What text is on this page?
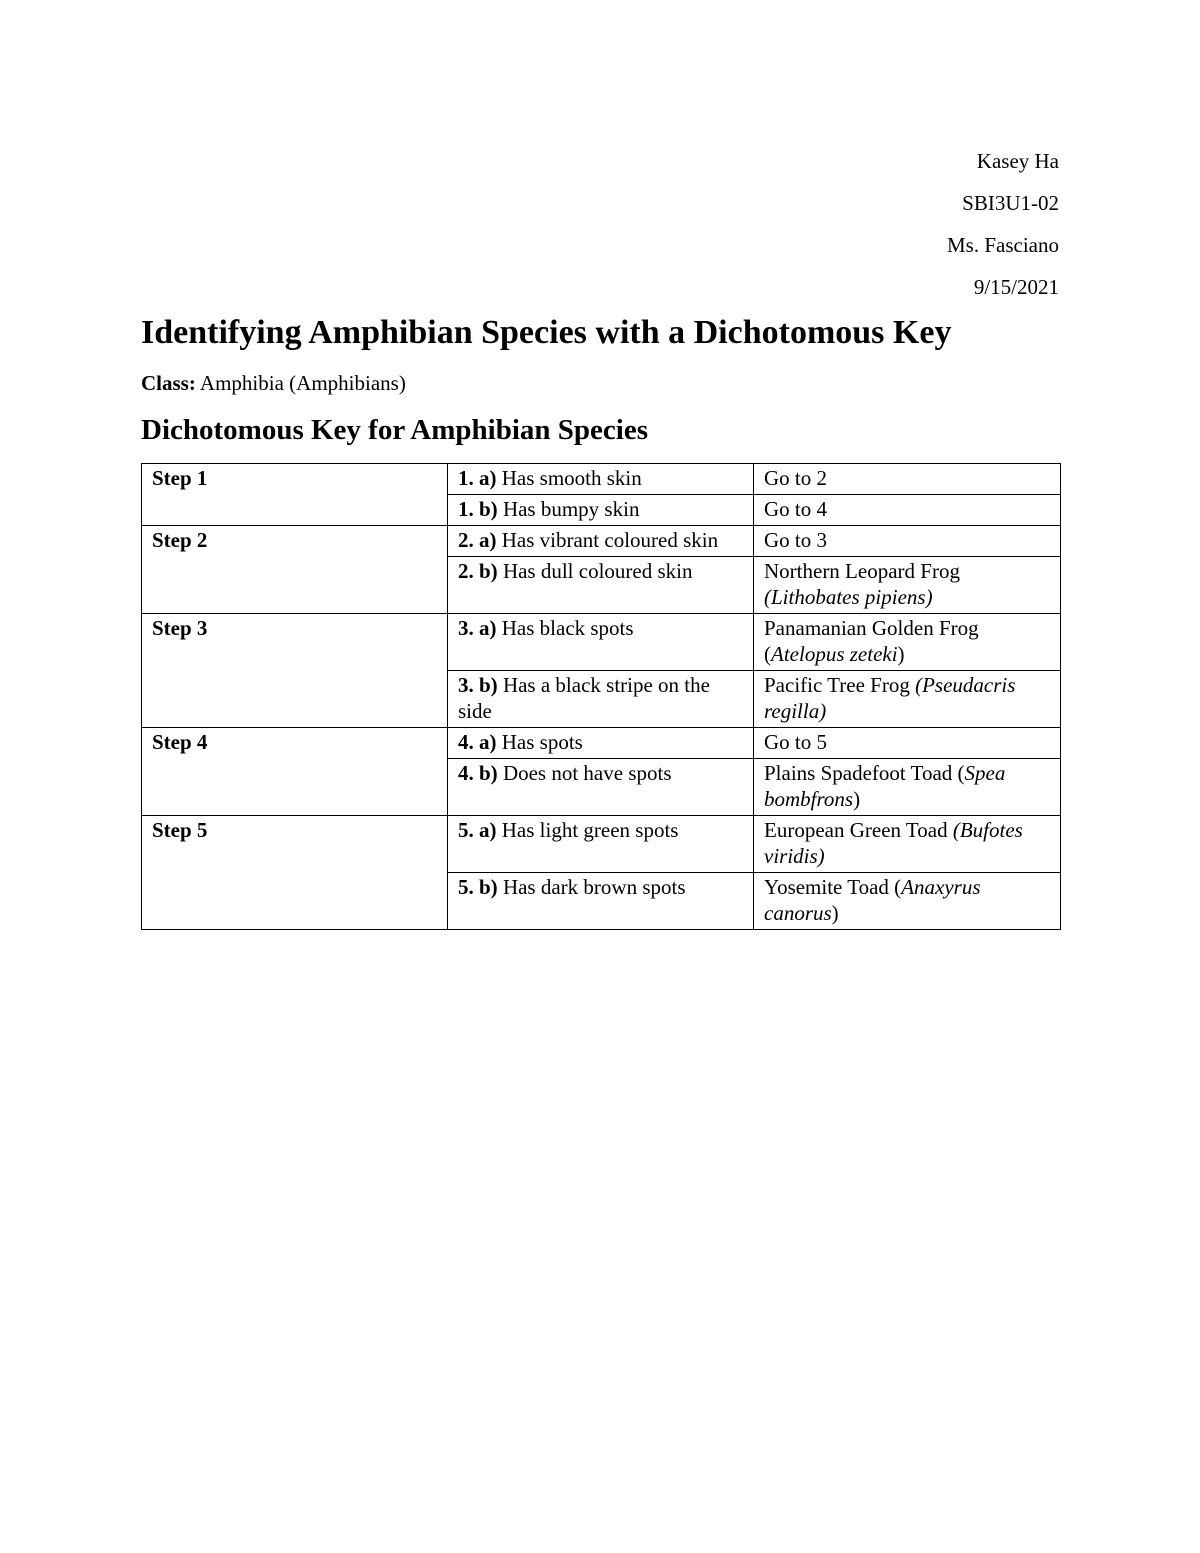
Kasey Ha
SBI3U1-02
Ms. Fasciano
9/15/2021
Identifying Amphibian Species with a Dichotomous Key
Class: Amphibia (Amphibians)
Dichotomous Key for Amphibian Species
Step 1	1. a) Has smooth skin	Go to 2
	1. b) Has bumpy skin	Go to 4
Step 2	2. a) Has vibrant coloured skin	Go to 3
	2. b) Has dull coloured skin	Northern Leopard Frog (Lithobates pipiens)
Step 3	3. a) Has black spots	Panamanian Golden Frog (Atelopus zeteki)
	3. b) Has a black stripe on the side	Pacific Tree Frog (Pseudacris regilla)
Step 4	4. a) Has spots	Go to 5
	4. b) Does not have spots	Plains Spadefoot Toad (Spea bombfrons)
Step 5	5. a) Has light green spots	European Green Toad (Bufotes viridis)
	5. b) Has dark brown spots	Yosemite Toad (Anaxyrus canorus)
